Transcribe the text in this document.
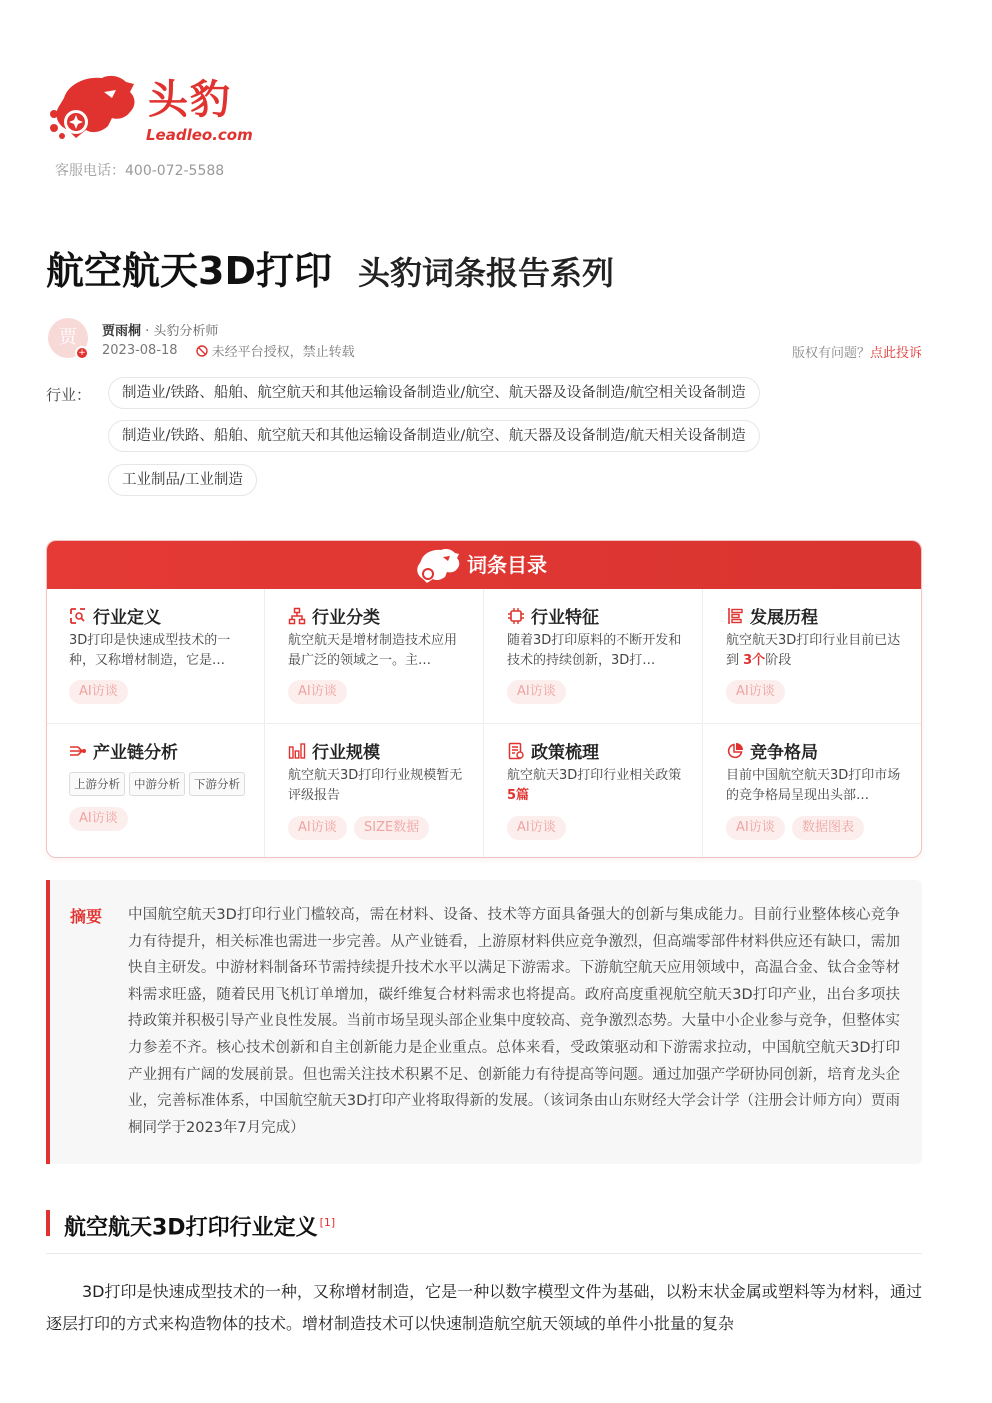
头豹
Leadleo.com
客服电话：400-072-5588
航空航天3D打印 头豹词条报告系列
贾
+
贾雨桐 · 头豹分析师
2023-08-18	未经平台授权，禁止转载	版权有问题？点此投诉
行业：	制造业/铁路、船舶、航空航天和其他运输设备制造业/航空、航天器及设备制造/航空相关设备制造
制造业/铁路、船舶、航空航天和其他运输设备制造业/航空、航天器及设备制造/航天相关设备制造
工业制品/工业制造
词条目录
行业定义
3D打印是快速成型技术的一种，又称增材制造，它是…
AI访谈
行业分类
航空航天是增材制造技术应用最广泛的领域之一。主…
AI访谈
行业特征
随着3D打印原料的不断开发和技术的持续创新，3D打…
AI访谈
发展历程
航空航天3D打印行业目前已达到 3个阶段
AI访谈
产业链分析
上游分析	中游分析	下游分析
AI访谈
行业规模
航空航天3D打印行业规模暂无评级报告
AI访谈	SIZE数据
政策梳理
航空航天3D打印行业相关政策 5篇
AI访谈
竞争格局
目前中国航空航天3D打印市场的竞争格局呈现出头部…
AI访谈	数据图表
摘要 中国航空航天3D打印行业门槛较高，需在材料、设备、技术等方面具备强大的创新与集成能力。目前行业整体核心竞争力有待提升，相关标准也需进一步完善。从产业链看，上游原材料供应竞争激烈，但高端零部件材料供应还有缺口，需加快自主研发。中游材料制备环节需持续提升技术水平以满足下游需求。下游航空航天应用领域中，高温合金、钛合金等材料需求旺盛，随着民用飞机订单增加，碳纤维复合材料需求也将提高。政府高度重视航空航天3D打印产业，出台多项扶持政策并积极引导产业良性发展。当前市场呈现头部企业集中度较高、竞争激烈态势。大量中小企业参与竞争，但整体实力参差不齐。核心技术创新和自主创新能力是企业重点。总体来看，受政策驱动和下游需求拉动，中国航空航天3D打印产业拥有广阔的发展前景。但也需关注技术积累不足、创新能力有待提高等问题。通过加强产学研协同创新，培育龙头企业，完善标准体系，中国航空航天3D打印产业将取得新的发展。（该词条由山东财经大学会计学（注册会计师方向）贾雨桐同学于2023年7月完成）
航空航天3D打印行业定义 [1]
3D打印是快速成型技术的一种，又称增材制造，它是一种以数字模型文件为基础，以粉末状金属或塑料等为材料，通过逐层打印的方式来构造物体的技术。增材制造技术可以快速制造航空航天领域的单件小批量的复杂
